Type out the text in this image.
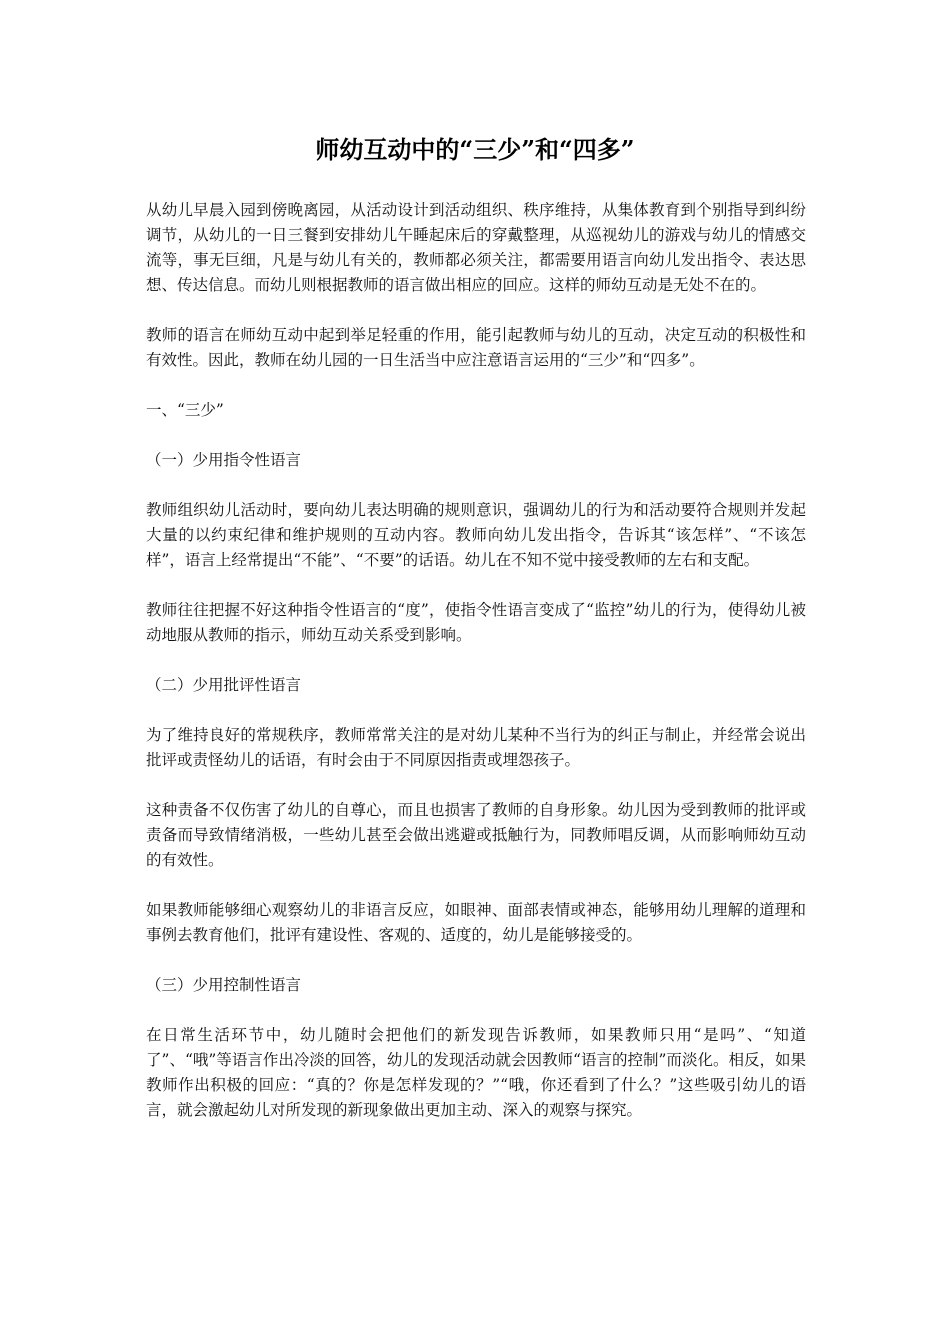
师幼互动中的“三少”和“四多”

从幼儿早晨入园到傍晚离园，从活动设计到活动组织、秩序维持，从集体教育到个别指导到纠纷调节，从幼儿的一日三餐到安排幼儿午睡起床后的穿戴整理，从巡视幼儿的游戏与幼儿的情感交流等，事无巨细，凡是与幼儿有关的，教师都必须关注，都需要用语言向幼儿发出指令、表达思想、传达信息。而幼儿则根据教师的语言做出相应的回应。这样的师幼互动是无处不在的。

教师的语言在师幼互动中起到举足轻重的作用，能引起教师与幼儿的互动，决定互动的积极性和有效性。因此，教师在幼儿园的一日生活当中应注意语言运用的“三少”和“四多”。

一、“三少”

（一）少用指令性语言

教师组织幼儿活动时，要向幼儿表达明确的规则意识，强调幼儿的行为和活动要符合规则并发起大量的以约束纪律和维护规则的互动内容。教师向幼儿发出指令，告诉其“该怎样”、“不该怎样”，语言上经常提出“不能”、“不要”的话语。幼儿在不知不觉中接受教师的左右和支配。

教师往往把握不好这种指令性语言的“度”，使指令性语言变成了“监控”幼儿的行为，使得幼儿被动地服从教师的指示，师幼互动关系受到影响。

（二）少用批评性语言

为了维持良好的常规秩序，教师常常关注的是对幼儿某种不当行为的纠正与制止，并经常会说出批评或责怪幼儿的话语，有时会由于不同原因指责或埋怨孩子。

这种责备不仅伤害了幼儿的自尊心，而且也损害了教师的自身形象。幼儿因为受到教师的批评或责备而导致情绪消极，一些幼儿甚至会做出逃避或抵触行为，同教师唱反调，从而影响师幼互动的有效性。

如果教师能够细心观察幼儿的非语言反应，如眼神、面部表情或神态，能够用幼儿理解的道理和事例去教育他们，批评有建设性、客观的、适度的，幼儿是能够接受的。

（三）少用控制性语言

在日常生活环节中，幼儿随时会把他们的新发现告诉教师，如果教师只用“是吗”、“知道了”、“哦”等语言作出冷淡的回答，幼儿的发现活动就会因教师“语言的控制”而淡化。相反，如果教师作出积极的回应：“真的？你是怎样发现的？”“哦，你还看到了什么？”这些吸引幼儿的语言，就会激起幼儿对所发现的新现象做出更加主动、深入的观察与探究。
